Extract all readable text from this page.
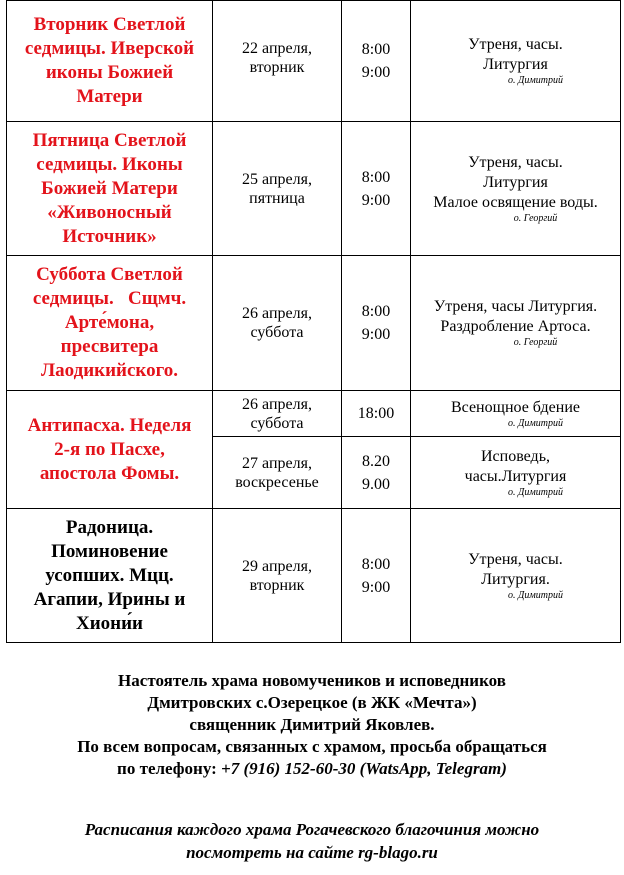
Вторник Светлой
седмицы. Иверской
иконы Божией
Матери	22 апреля,
вторник	8:00
9:00	Утреня, часы.
Литургия
о. Димитрий

Пятница Светлой
седмицы. Иконы
Божией Матери
«Живоносный
Источник»	25 апреля,
пятница	8:00
9:00	Утреня, часы.
Литургия
Малое освящение воды.
о. Георгий

Суббота Светлой
седмицы.   Сщмч.
Арте́мона,
пресвитера
Лаодикийского.	26 апреля,
суббота	8:00
9:00	Утреня, часы Литургия.
Раздробление Артоса.
о. Георгий

Антипасха. Неделя
2-я по Пасхе,
апостола Фомы.	26 апреля,
суббота	18:00	Всенощное бдение
о. Димитрий

	27 апреля,
воскресенье	8.20
9.00	Исповедь,
часы.Литургия
о. Димитрий

Радоница.
Поминовение
усопших. Мцц.
Агапии, Ирины и
Хиони́и	29 апреля,
вторник	8:00
9:00	Утреня, часы.
Литургия.
о. Димитрий
Настоятель храма новомучеников и исповедников
Дмитровских с.Озерецкое (в ЖК «Мечта»)
священник Димитрий Яковлев.
По всем вопросам, связанных с храмом, просьба обращаться
по телефону: +7 (916) 152-60-30 (WatsApp, Telegram)
Расписания каждого храма Рогачевского благочиния можно
посмотреть на сайте rg-blago.ru
